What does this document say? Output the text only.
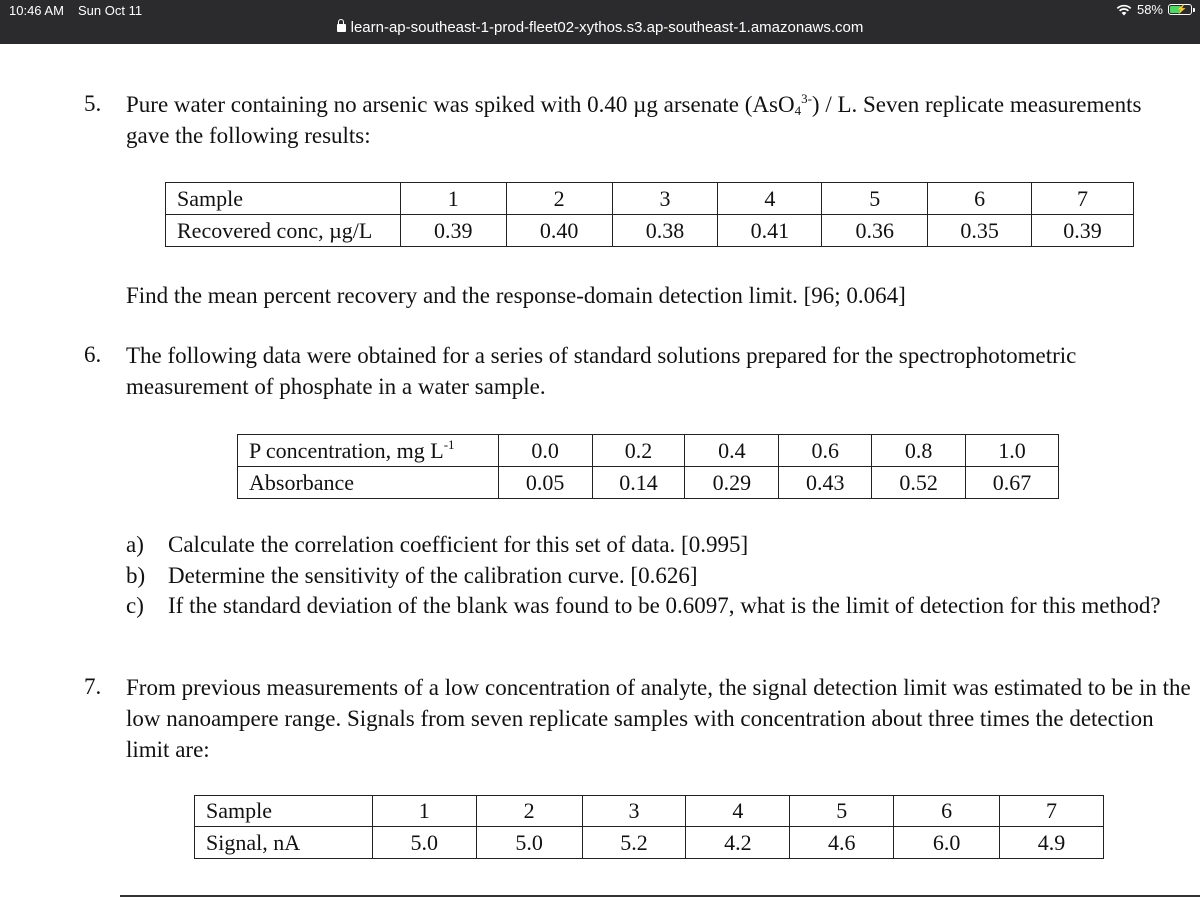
10:46 AM Sun Oct 11	58% ⚡
learn-ap-southeast-1-prod-fleet02-xythos.s3.ap-southeast-1.amazonaws.com
5. Pure water containing no arsenic was spiked with 0.40 µg arsenate (AsO$_4^{3-}$) / L. Seven replicate measurements
gave the following results:
Sample	1	2	3	4	5	6	7
Recovered conc, µg/L	0.39	0.40	0.38	0.41	0.36	0.35	0.39
Find the mean percent recovery and the response-domain detection limit. [96; 0.064]
6. The following data were obtained for a series of standard solutions prepared for the spectrophotometric
measurement of phosphate in a water sample.
P concentration, mg $L^{-1}$	0.0	0.2	0.4	0.6	0.8	1.0
Absorbance	0.05	0.14	0.29	0.43	0.52	0.67
a) Calculate the correlation coefficient for this set of data. [0.995]
b) Determine the sensitivity of the calibration curve. [0.626]
c) If the standard deviation of the blank was found to be 0.6097, what is the limit of detection for this method?
7. From previous measurements of a low concentration of analyte, the signal detection limit was estimated to be in the
low nanoampere range. Signals from seven replicate samples with concentration about three times the detection
limit are:
Sample	1	2	3	4	5	6	7
Signal, nA	5.0	5.0	5.2	4.2	4.6	6.0	4.9
